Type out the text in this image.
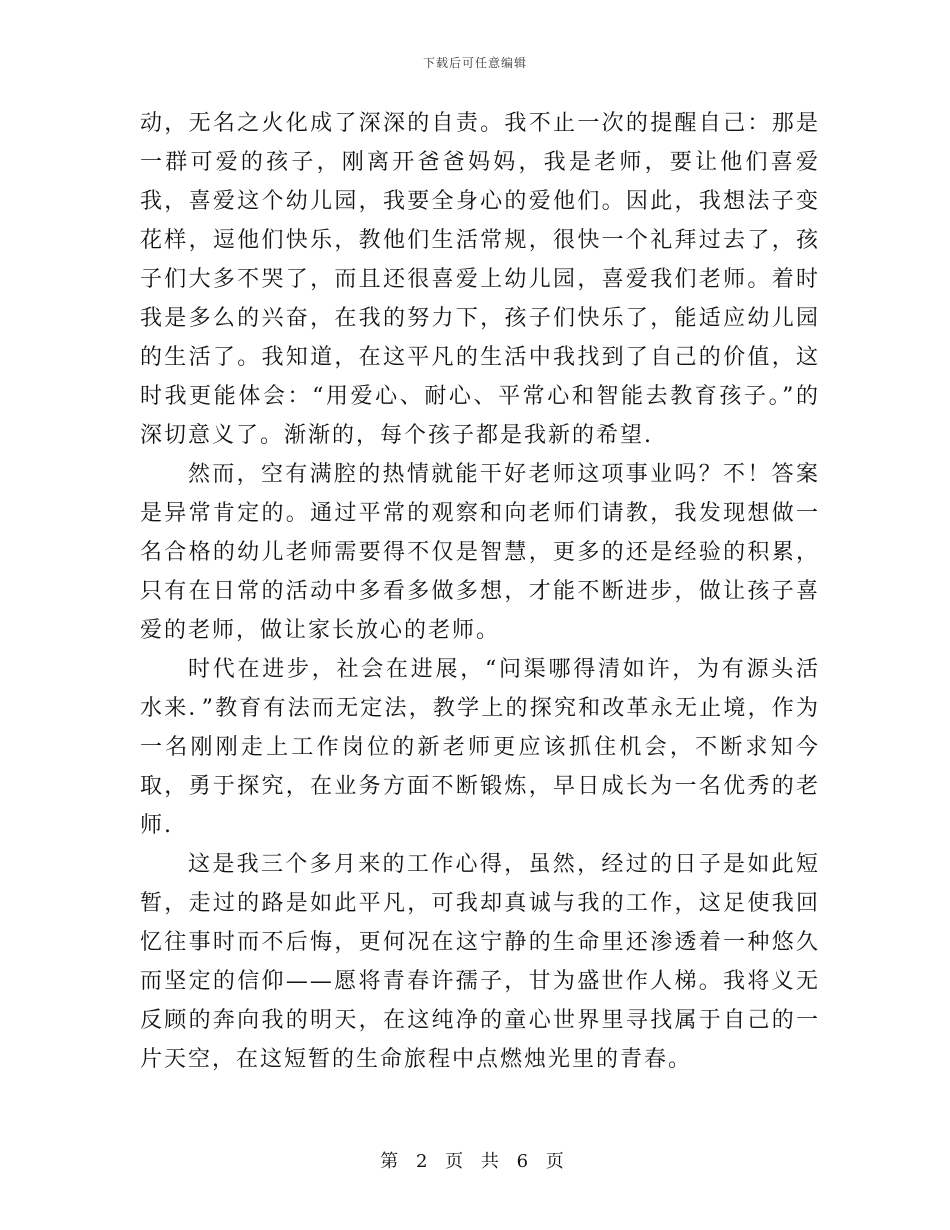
下载后可任意编辑

动，无名之火化成了深深的自责。我不止一次的提醒自己：那是一群可爱的孩子，刚离开爸爸妈妈，我是老师，要让他们喜爱我，喜爱这个幼儿园，我要全身心的爱他们。因此，我想法子变花样，逗他们快乐，教他们生活常规，很快一个礼拜过去了，孩子们大多不哭了，而且还很喜爱上幼儿园，喜爱我们老师。着时我是多么的兴奋，在我的努力下，孩子们快乐了，能适应幼儿园的生活了。我知道，在这平凡的生活中我找到了自己的价值，这时我更能体会：“用爱心、耐心、平常心和智能去教育孩子。”的深切意义了。渐渐的，每个孩子都是我新的希望.

然而，空有满腔的热情就能干好老师这项事业吗？不！答案是异常肯定的。通过平常的观察和向老师们请教，我发现想做一名合格的幼儿老师需要得不仅是智慧，更多的还是经验的积累，只有在日常的活动中多看多做多想，才能不断进步，做让孩子喜爱的老师，做让家长放心的老师。

时代在进步，社会在进展，“问渠哪得清如许，为有源头活水来．”教育有法而无定法，教学上的探究和改革永无止境，作为一名刚刚走上工作岗位的新老师更应该抓住机会，不断求知今取，勇于探究，在业务方面不断锻炼，早日成长为一名优秀的老师.

这是我三个多月来的工作心得，虽然，经过的日子是如此短暂，走过的路是如此平凡，可我却真诚与我的工作，这足使我回忆往事时而不后悔，更何况在这宁静的生命里还渗透着一种悠久而坚定的信仰——愿将青春许孺子，甘为盛世作人梯。我将义无反顾的奔向我的明天，在这纯净的童心世界里寻找属于自己的一片天空，在这短暂的生命旅程中点燃烛光里的青春。

第 2 页 共 6 页
